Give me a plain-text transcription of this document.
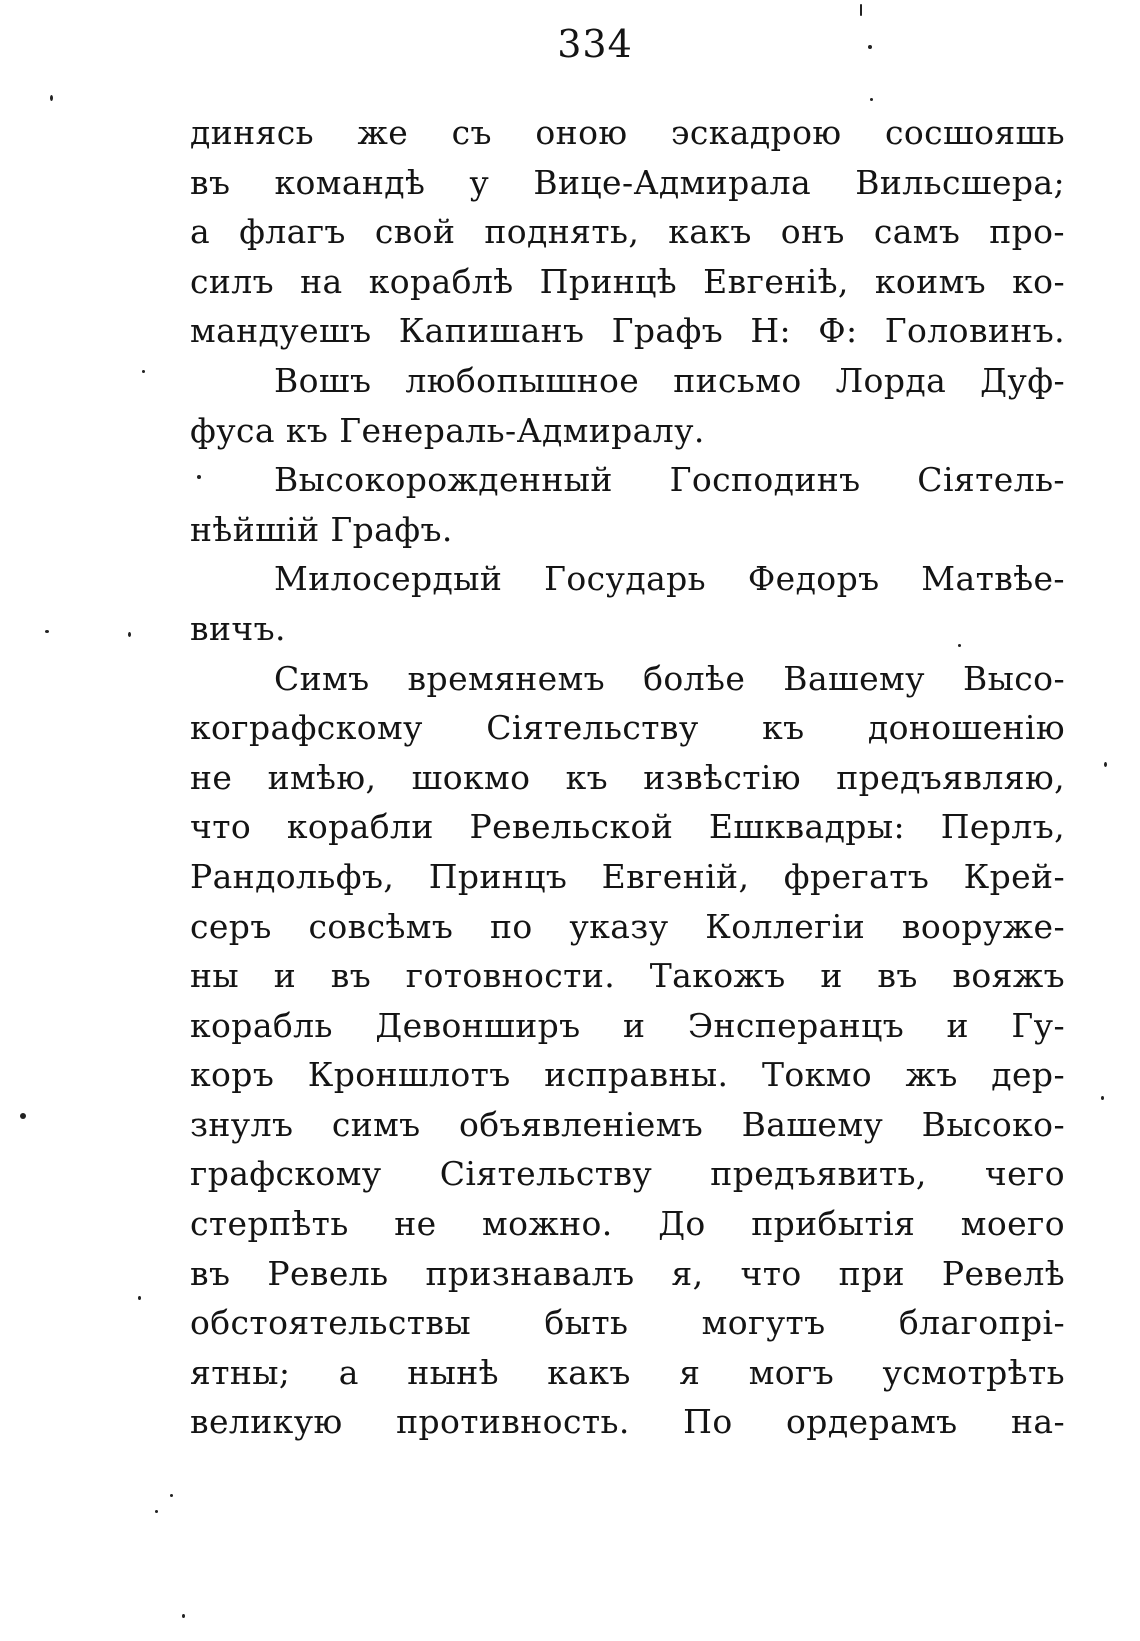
334
динясь же съ оною эскадрою сосшояшь
въ командѣ у Вице-Адмирала Вильсшера;
а флагъ свой поднять, какъ онъ самъ про-
силъ на кораблѣ Принцѣ Евгеніѣ, коимъ ко-
мандуешъ Капишанъ Графъ Н: Ф: Головинъ.
Вошъ любопышное письмо Лорда Дуф-
фуса къ Генераль-Адмиралу.
Высокорожденный Господинъ Сіятель-
нѣйшій Графъ.
Милосердый Государь Федоръ Матвѣе-
вичъ.
Симъ времянемъ болѣе Вашему Высо-
кографскому Сіятельству къ доношенію
не имѣю, шокмо къ извѣстію предъявляю,
что корабли Ревельской Ешквадры: Перлъ,
Рандольфъ, Принцъ Евгеній, фрегатъ Крей-
серъ совсѣмъ по указу Коллегіи вооруже-
ны и въ готовности. Такожъ и въ вояжъ
корабль Девонширъ и Энсперанцъ и Гу-
коръ Кроншлотъ исправны. Токмо жъ дер-
знулъ симъ объявленіемъ Вашему Высоко-
графскому Сіятельству предъявить, чего
стерпѣть не можно. До прибытія моего
въ Ревель признавалъ я, что при Ревелѣ
обстоятельствы быть могутъ благопрі-
ятны; а нынѣ какъ я могъ усмотрѣть
великую противность. По ордерамъ на-
